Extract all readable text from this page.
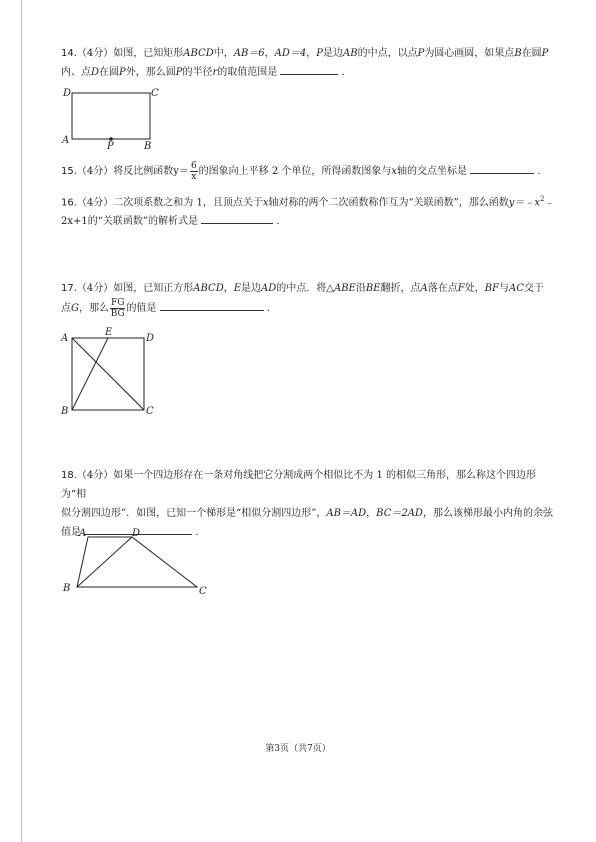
14.（4分）如图，已知矩形ABCD中，AB＝6，AD＝4，P是边AB的中点，以点P为圆心画圆，如果点B在圆P
内、点D在圆P外，那么圆P的半径r的取值范围是	．

D	C
A
B
P

15.（4分）将反比例函数$y= \frac{6}{x}$ 的图象向上平移 2 个单位，所得函数图象与x轴的交点坐标是	．

16.（4分）二次项系数之和为 1，且顶点关于x轴对称的两个二次函数称作互为“关联函数”，那么函数$y=﹣x^2﹣$
2x+1的“关联函数”的解析式是	．

17.（4分）如图，已知正方形ABCD，E是边AD的中点．将△ABE沿BE翻折，点A落在点F处，BF与AC交于
点G，那么 $\frac{FG}{BG}$ 的值是	．

A	D
E
B	C

18.（4分）如果一个四边形存在一条对角线把它分割成两个相似比不为 1 的相似三角形，那么称这个四边形为“相
似分割四边形”．如图，已知一个梯形是“相似分割四边形”，AB＝AD，BC＝2AD，那么该梯形最小内角的余弦
值是	．

A	D
B	C
第3页（共7页）
